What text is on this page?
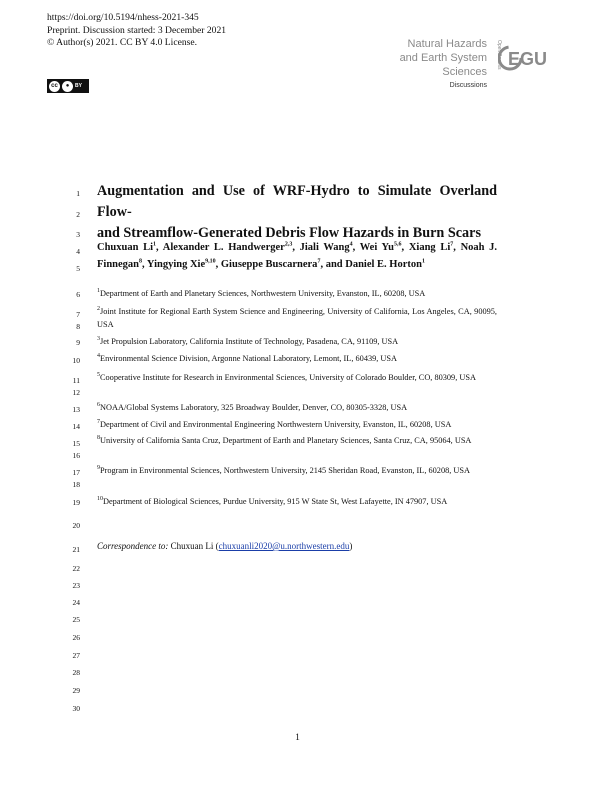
https://doi.org/10.5194/nhess-2021-345
Preprint. Discussion started: 3 December 2021
© Author(s) 2021. CC BY 4.0 License.
cc	●	BY
Natural Hazards
and Earth System
Sciences
Discussions
Open Access EGU
1
2
3
4
5
6
7
8
9
10
11
12
13
14
15
16
17
18
19
20
21
22
23
24
25
26
27
28
29
30
Augmentation and Use of WRF-Hydro to Simulate Overland Flow-
and Streamflow-Generated Debris Flow Hazards in Burn Scars
Chuxuan Li$^1$, Alexander L. Handwerger$^{2,3}$, Jiali Wang$^4$, Wei Yu$^{5,6}$, Xiang Li$^7$, Noah J. Finnegan$^8$, Yingying Xie$^{9,10}$, Giuseppe Buscarnera$^7$, and Daniel E. Horton$^1$
$^1$Department of Earth and Planetary Sciences, Northwestern University, Evanston, IL, 60208, USA
$^2$Joint Institute for Regional Earth System Science and Engineering, University of California, Los Angeles, CA, 90095, USA
$^3$Jet Propulsion Laboratory, California Institute of Technology, Pasadena, CA, 91109, USA
$^4$Environmental Science Division, Argonne National Laboratory, Lemont, IL, 60439, USA
$^5$Cooperative Institute for Research in Environmental Sciences, University of Colorado Boulder, CO, 80309, USA
$^6$NOAA/Global Systems Laboratory, 325 Broadway Boulder, Denver, CO, 80305-3328, USA
$^7$Department of Civil and Environmental Engineering Northwestern University, Evanston, IL, 60208, USA
$^8$University of California Santa Cruz, Department of Earth and Planetary Sciences, Santa Cruz, CA, 95064, USA
$^9$Program in Environmental Sciences, Northwestern University, 2145 Sheridan Road, Evanston, IL, 60208, USA
$^{10}$Department of Biological Sciences, Purdue University, 915 W State St, West Lafayette, IN 47907, USA
Correspondence to: Chuxuan Li (chuxuanli2020@u.northwestern.edu)
1
